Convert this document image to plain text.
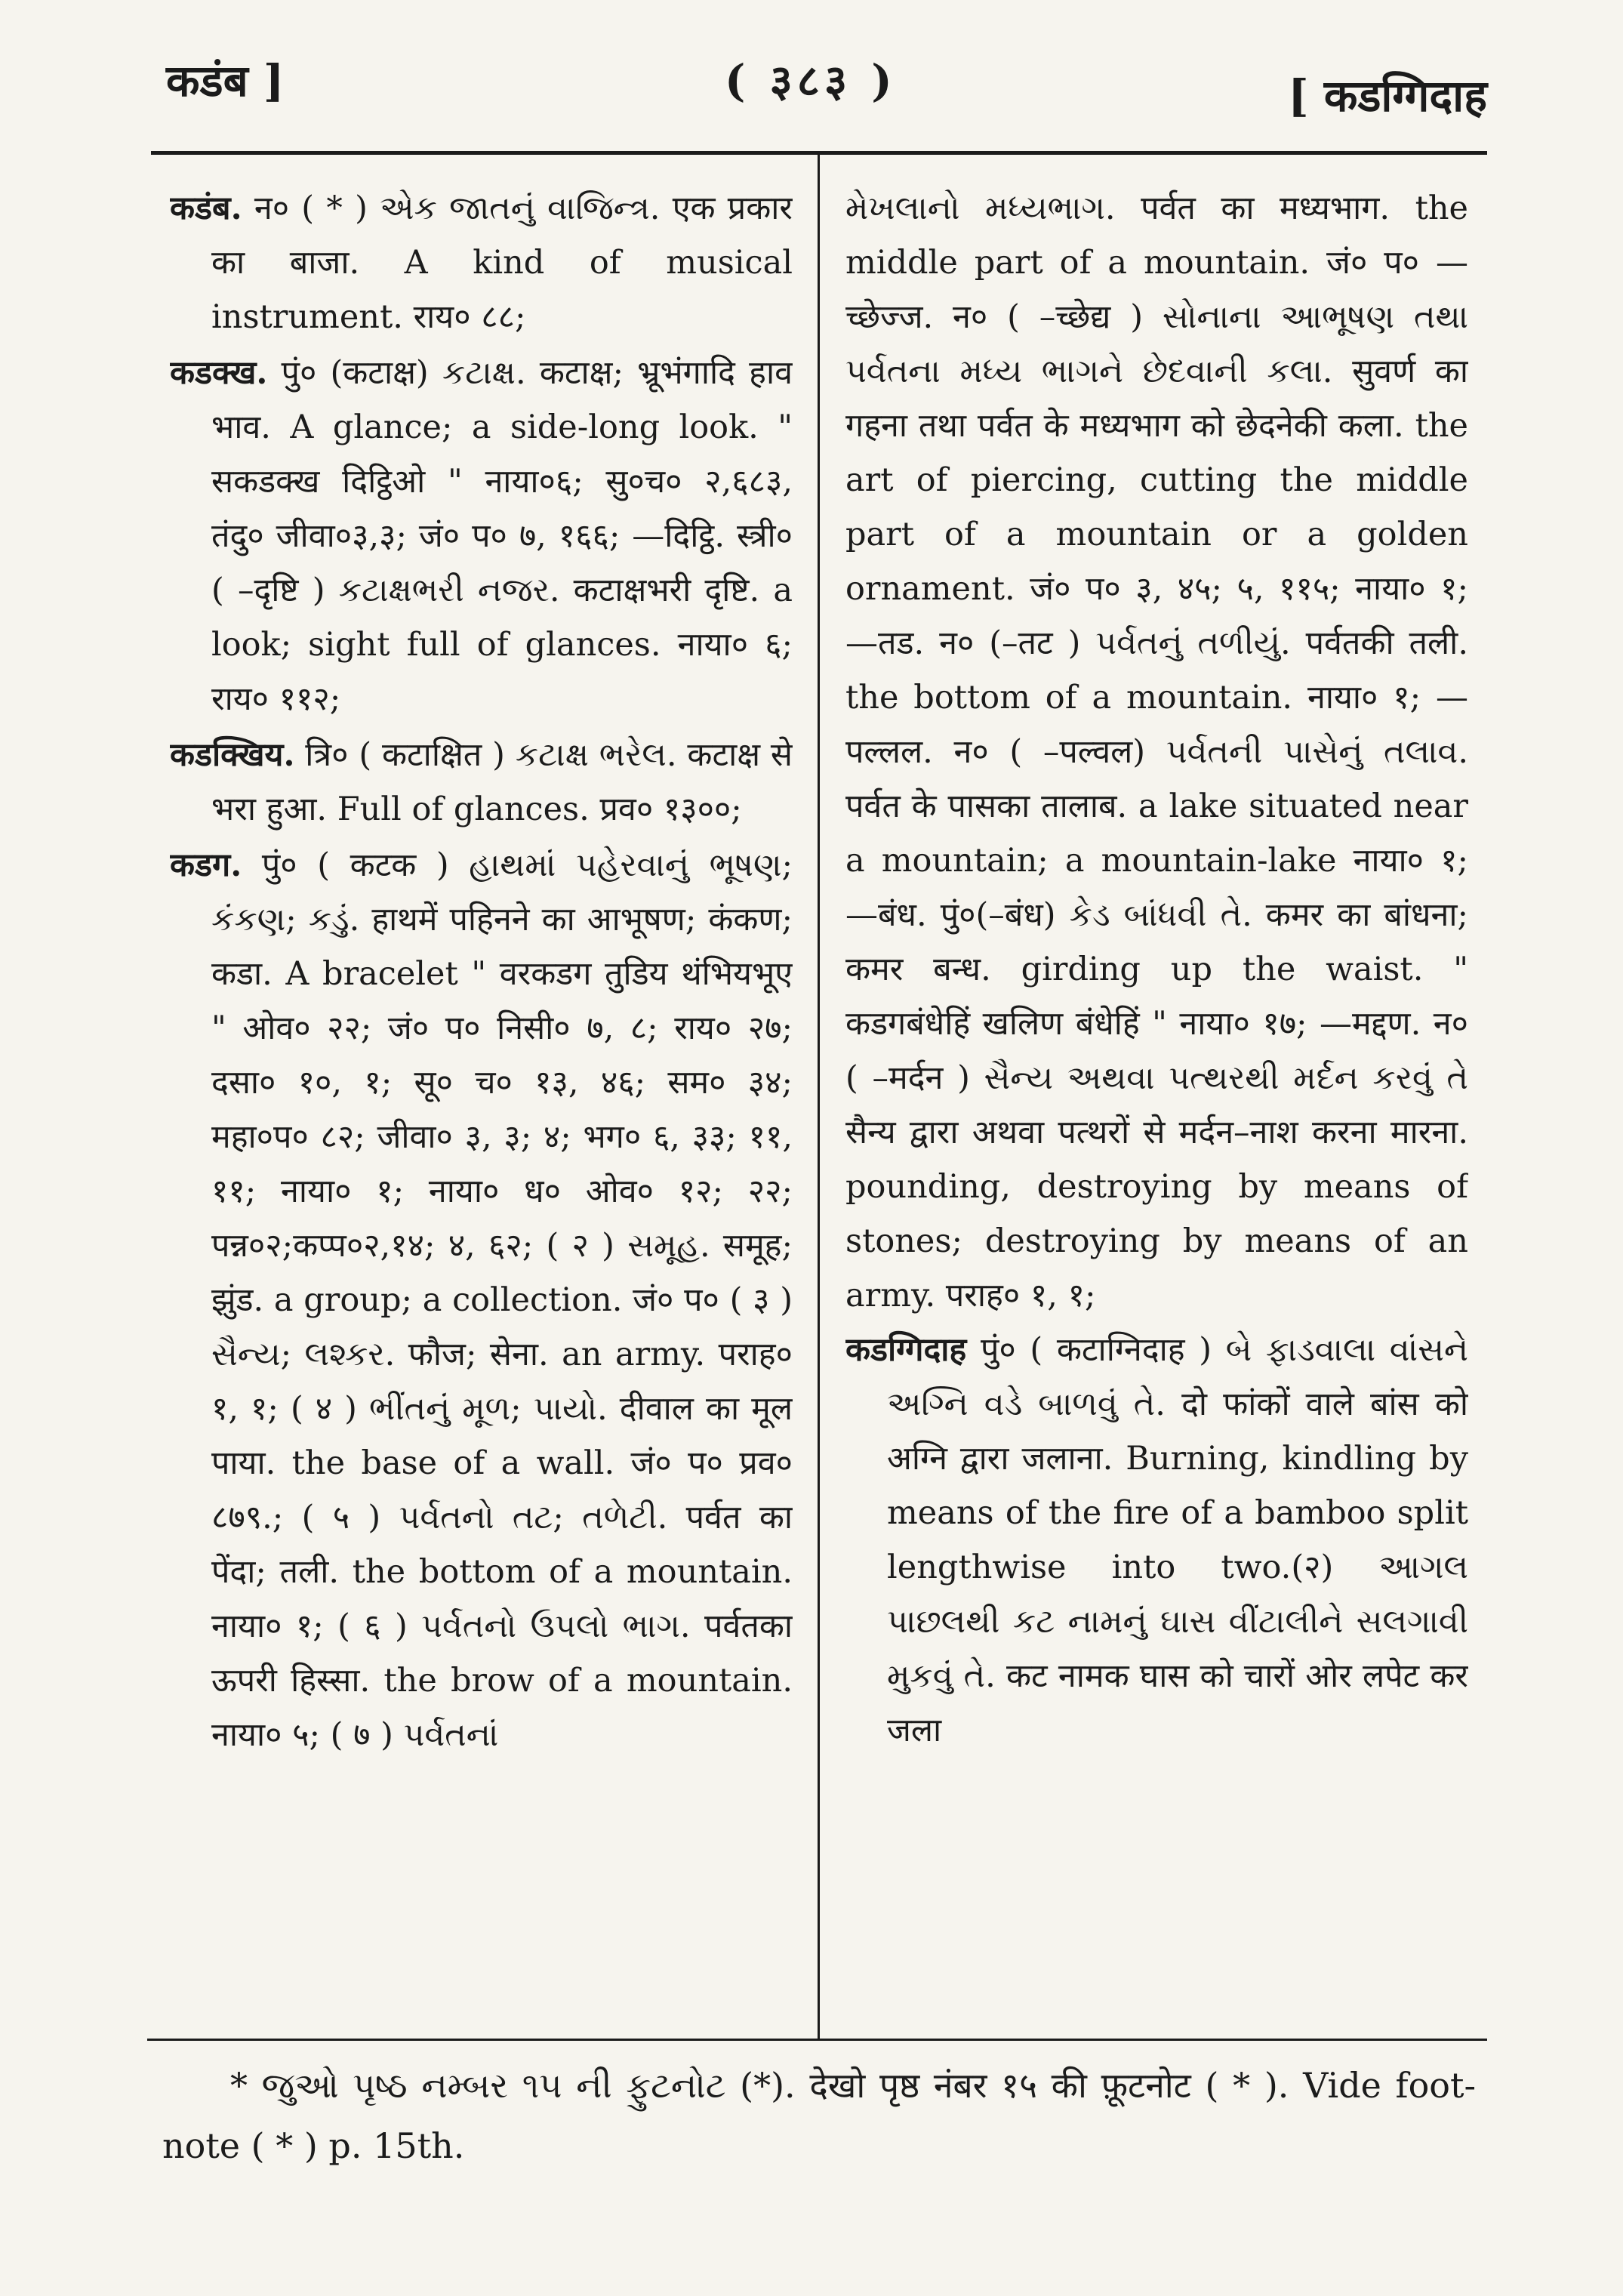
कडंब ]	( ३८३ )	[ कडग्गिदाह

कडंब. न० ( * ) એક જાતનું વાજિન્ત્ર. एक प्रकार का बाजा. A kind of musical instrument. राय० ८८;

कडक्ख. पुं० (कटाक्ष) કટાક્ષ. कटाक्ष; भ्रूभंगादि हाव भाव. A glance; a side-long look. " सकडक्ख दिट्ठिओ " नाया०६; सु०च० २,६८३, तंदु० जीवा०३,३; जं० प० ७, १६६; —दिट्ठि. स्त्री० ( –दृष्टि ) કટાક્ષભરી નજર. कटाक्षभरी दृष्टि. a look; sight full of glances. नाया० ६; राय० ११२;

कडक्खिय. त्रि० ( कटाक्षित ) કટાક્ષ ભરેલ. कटाक्ष से भरा हुआ. Full of glances. प्रव० १३००;

कडग. पुं० ( कटक ) હાથમાં પહેરવાનું ભૂષણ; કંકણ; કડું. हाथमें पहिनने का आभूषण; कंकण; कडा. A bracelet " वरकडग तुडिय थंभियभूए " ओव० २२; जं० प० निसी० ७, ८; राय० २७; दसा० १०, १; सू० च० १३, ४६; सम० ३४; महा०प० ८२; जीवा० ३, ३; ४; भग० ६, ३३; ११, ११; नाया० १; नाया० ध० ओव० १२; २२; पन्न०२;कप्प०२,१४; ४, ६२; ( २ ) સમૂહ. समूह; झुंड. a group; a collection. जं० प० ( ३ ) સૈન્ય; લશ્કર. फौज; सेना. an army. पराह० १, १; ( ४ ) ભીંતનું મૂળ; પાયો. दीवाल का मूल पाया. the base of a wall. जं० प० प्रव० ८७९.; ( ५ ) પર્વતનો તટ; તળેટી. पर्वत का पेंदा; तली. the bottom of a mountain. नाया० १; ( ६ ) પર્વતનો ઉપલો ભાગ. पर्वतका ऊपरी हिस्सा. the brow of a mountain. नाया० ५; ( ७ ) પર્વતનાં

મેખલાનો મધ્યભાગ. पर्वत का मध्यभाग. the middle part of a mountain. जं० प० —च्छेज्ज. न० ( –च्छेद्य ) સોનાના આભૂષણ તથા પર્વતના મધ્ય ભાગને છેદવાની કલા. सुवर्ण का गहना तथा पर्वत के मध्यभाग को छेदनेकी कला. the art of piercing, cutting the middle part of a mountain or a golden ornament. जं० प० ३, ४५; ५, ११५; नाया० १; —तड. न० (–तट ) પર્વતનું તળીયું. पर्वतकी तली. the bottom of a mountain. नाया० १; —पल्लल. न० ( –पल्वल) પર્વતની પાસેનું તલાવ. पर्वत के पासका तालाब. a lake situated near a mountain; a mountain-lake नाया० १; —बंध. पुं०(–बंध) કેડ બાંધવી તે. कमर का बांधना; कमर बन्ध. girding up the waist. " कडगबंधेहिं खलिण बंधेहिं " नाया० १७; —मद्दण. न० ( –मर्दन ) સૈન્ય અથવા પત્થરથી મર્દન કરવું તે सैन्य द्वारा अथवा पत्थरों से मर्दन–नाश करना मारना. pounding, destroying by means of stones; destroying by means of an army. पराह० १, १;

कडग्गिदाह पुं० ( कटाग्निदाह ) બે ફાડવાલા વાંસને અગ્નિ વડે બાળવું તે. दो फांकों वाले बांस को अग्नि द्वारा जलाना. Burning, kindling by means of the fire of a bamboo split lengthwise into two.(२) આગલ પાછલથી કટ નામનું ઘાસ વીંટાલીને સલગાવી મુકવું તે. कट नामक घास को चारों ओर लपेट कर जला

* જુઓ પૃષ્ઠ નમ્બર ૧૫ ની ફુટનોટ (*). देखो पृष्ठ नंबर १५ की फ़ूटनोट ( * ). Vide foot-note ( * ) p. 15th.
